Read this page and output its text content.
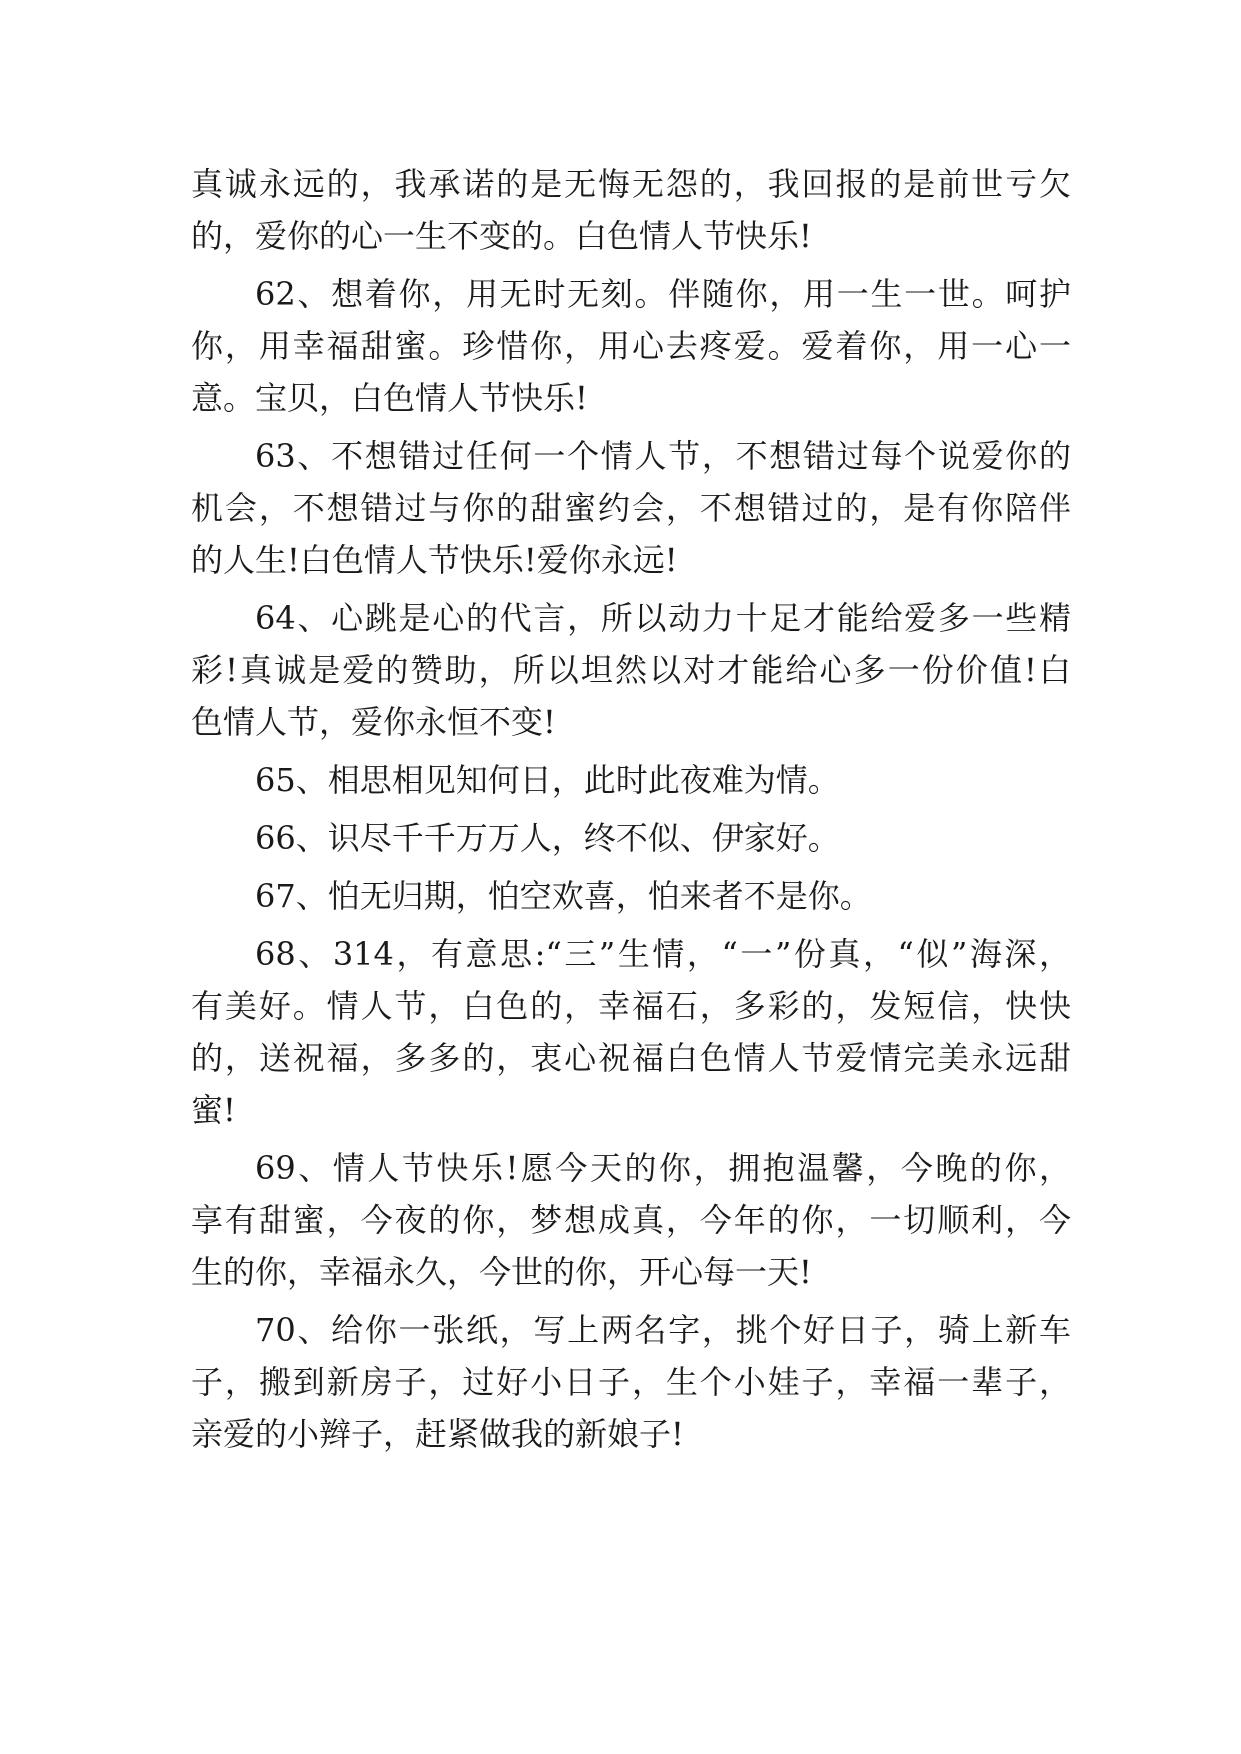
真诚永远的，我承诺的是无悔无怨的，我回报的是前世亏欠
的，爱你的心一生不变的。白色情人节快乐!
62、想着你，用无时无刻。伴随你，用一生一世。呵护
你，用幸福甜蜜。珍惜你，用心去疼爱。爱着你，用一心一
意。宝贝，白色情人节快乐!
63、不想错过任何一个情人节，不想错过每个说爱你的
机会，不想错过与你的甜蜜约会，不想错过的，是有你陪伴
的人生!白色情人节快乐!爱你永远!
64、心跳是心的代言，所以动力十足才能给爱多一些精
彩!真诚是爱的赞助，所以坦然以对才能给心多一份价值!白
色情人节，爱你永恒不变!
65、相思相见知何日，此时此夜难为情。
66、识尽千千万万人，终不似、伊家好。
67、怕无归期，怕空欢喜，怕来者不是你。
68、314，有意思:“三”生情，“一”份真，“似”海深，
有美好。情人节，白色的，幸福石，多彩的，发短信，快快
的，送祝福，多多的，衷心祝福白色情人节爱情完美永远甜
蜜!
69、情人节快乐!愿今天的你，拥抱温馨，今晚的你，
享有甜蜜，今夜的你，梦想成真，今年的你，一切顺利，今
生的你，幸福永久，今世的你，开心每一天!
70、给你一张纸，写上两名字，挑个好日子，骑上新车
子，搬到新房子，过好小日子，生个小娃子，幸福一辈子，
亲爱的小辫子，赶紧做我的新娘子!
